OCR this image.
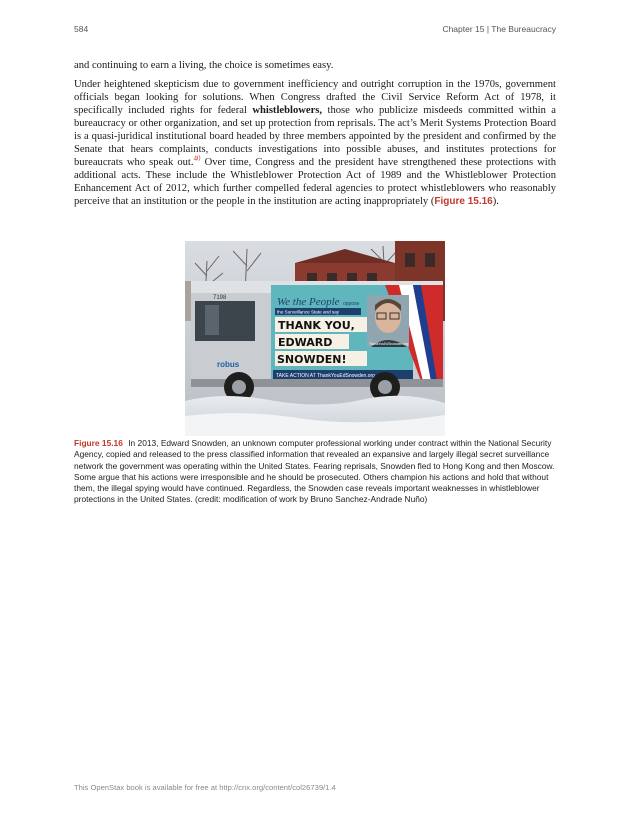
584	Chapter 15 | The Bureaucracy

and continuing to earn a living, the choice is sometimes easy.

Under heightened skepticism due to government inefficiency and outright corruption in the 1970s, government officials began looking for solutions. When Congress drafted the Civil Service Reform Act of 1978, it specifically included rights for federal whistleblowers, those who publicize misdeeds committed within a bureaucracy or other organization, and set up protection from reprisals. The act’s Merit Systems Protection Board is a quasi-juridical institutional board headed by three members appointed by the president and confirmed by the Senate that hears complaints, conducts investigations into possible abuses, and institutes protections for bureaucrats who speak out.$^{40}$ Over time, Congress and the president have strengthened these protections with additional acts. These include the Whistleblower Protection Act of 1989 and the Whistleblower Protection Enhancement Act of 2012, which further compelled federal agencies to protect whistleblowers who reasonably perceive that an institution or the people in the institution are acting inappropriately (Figure 15.16).

7198	We the People oppose
the Surveillance State and say
THANK YOU,
EDWARD
SNOWDEN!
TAKE ACTION AT ThankYouEdSnowden.org
ThankYouEdSnowden.org
robus

Figure 15.16 In 2013, Edward Snowden, an unknown computer professional working under contract within the National Security Agency, copied and released to the press classified information that revealed an expansive and largely illegal secret surveillance network the government was operating within the United States. Fearing reprisals, Snowden fled to Hong Kong and then Moscow. Some argue that his actions were irresponsible and he should be prosecuted. Others champion his actions and hold that without them, the illegal spying would have continued. Regardless, the Snowden case reveals important weaknesses in whistleblower protections in the United States. (credit: modification of work by Bruno Sanchez-Andrade Nuño)

This OpenStax book is available for free at http://cnx.org/content/col26739/1.4
